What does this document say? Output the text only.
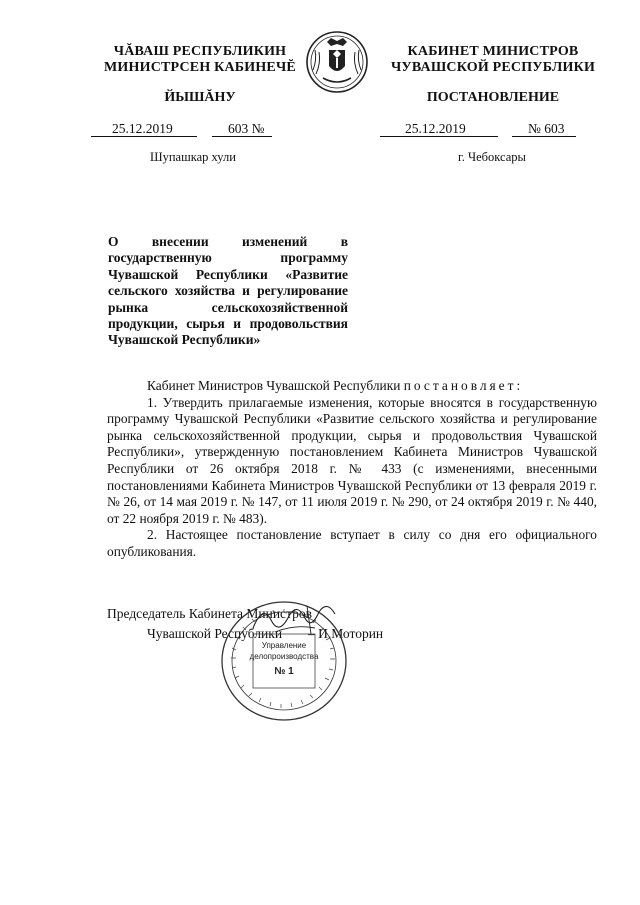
ЧĂВАШ РЕСПУБЛИКИН
МИНИСТРСЕН КАБИНЕЧĔ
ЙЫШĂНУ
КАБИНЕТ МИНИСТРОВ
ЧУВАШСКОЙ РЕСПУБЛИКИ
ПОСТАНОВЛЕНИЕ
25.12.2019	603 №	25.12.2019	№ 603
Шупашкар хули	г. Чебоксары
О внесении изменений в государственную программу Чувашской Республики «Развитие сельского хозяйства и регулирование рынка сельскохозяйственной продукции, сырья и продовольствия Чувашской Республики»

Кабинет Министров Чувашской Республики постановляет:

1. Утвердить прилагаемые изменения, которые вносятся в государственную программу Чувашской Республики «Развитие сельского хозяйства и регулирование рынка сельскохозяйственной продукции, сырья и продовольствия Чувашской Республики», утвержденную постановлением Кабинета Министров Чувашской Республики от 26 октября 2018 г. № 433 (с изменениями, внесенными постановлениями Кабинета Министров Чувашской Республики от 13 февраля 2019 г. № 26, от 14 мая 2019 г. № 147, от 11 июля 2019 г. № 290, от 24 октября 2019 г. № 440, от 22 ноября 2019 г. № 483).

2. Настоящее постановление вступает в силу со дня его официального опубликования.

Председатель Кабинета Министров
Чувашской Республики – И.Моторин
Управление
делопроизводства
№ 1
